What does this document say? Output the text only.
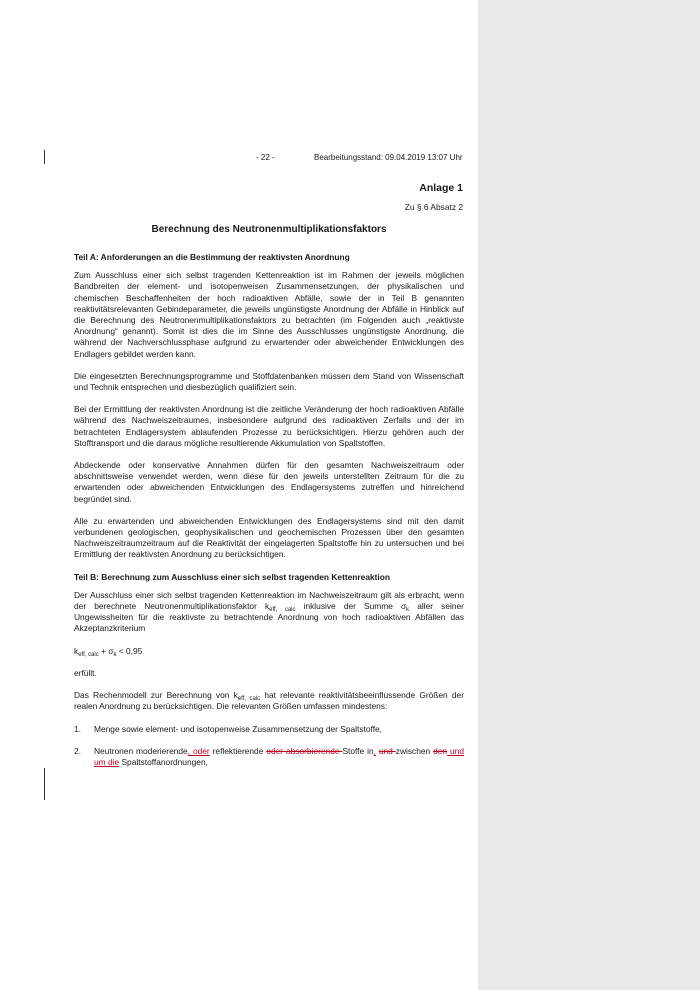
- 22 -	Bearbeitungsstand: 09.04.2019 13:07 Uhr
Anlage 1
Zu § 6 Absatz 2
Berechnung des Neutronenmultiplikationsfaktors
Teil A: Anforderungen an die Bestimmung der reaktivsten Anordnung

Zum Ausschluss einer sich selbst tragenden Kettenreaktion ist im Rahmen der jeweils möglichen Bandbreiten der element- und isotopenweisen Zusammensetzungen, der physikalischen und chemischen Beschaffenheiten der hoch radioaktiven Abfälle, sowie der in Teil B genannten reaktivitätsrelevanten Gebindeparameter, die jeweils ungünstigste Anordnung der Abfälle in Hinblick auf die Berechnung des Neutronenmultiplikationsfaktors zu betrachten (im Folgenden auch „reaktivste Anordnung“ genannt). Somit ist dies die im Sinne des Ausschlusses ungünstigste Anordnung, die während der Nachverschlussphase aufgrund zu erwartender oder abweichender Entwicklungen des Endlagers gebildet werden kann.

Die eingesetzten Berechnungsprogramme und Stoffdatenbanken müssen dem Stand von Wissenschaft und Technik entsprechen und diesbezüglich qualifiziert sein.

Bei der Ermittlung der reaktivsten Anordnung ist die zeitliche Veränderung der hoch radioaktiven Abfälle während des Nachweiszeitraumes, insbesondere aufgrund des radioaktiven Zerfalls und der im betrachteten Endlagersystem ablaufenden Prozesse zu berücksichtigen. Hierzu gehören auch der Stofftransport und die daraus mögliche resultierende Akkumulation von Spaltstoffen.

Abdeckende oder konservative Annahmen dürfen für den gesamten Nachweiszeitraum oder abschnittsweise verwendet werden, wenn diese für den jeweils unterstellten Zeitraum für die zu erwartenden oder abweichenden Entwicklungen des Endlagersystems zutreffen und hinreichend begründet sind.

Alle zu erwartenden und abweichenden Entwicklungen des Endlagersystems sind mit den damit verbundenen geologischen, geophysikalischen und geochemischen Prozessen über den gesamten Nachweiszeitraumzeitraum auf die Reaktivität der eingelagerten Spaltstoffe hin zu untersuchen und bei Ermittlung der reaktivsten Anordnung zu berücksichtigen.

Teil B: Berechnung zum Ausschluss einer sich selbst tragenden Kettenreaktion

Der Ausschluss einer sich selbst tragenden Kettenreaktion im Nachweiszeitraum gilt als erbracht, wenn der berechnete Neutronenmultiplikationsfaktor $k_{eff, calc}$ inklusive der Summe $\sigma_k$ aller seiner Ungewissheiten für die reaktivste zu betrachtende Anordnung von hoch radioaktiven Abfällen das Akzeptanzkriterium

$k_{eff, calc} + \sigma_k < 0,95$

erfüllt.

Das Rechenmodell zur Berechnung von $k_{eff, calc}$ hat relevante reaktivitätsbeeinflussende Größen der realen Anordnung zu berücksichtigen. Die relevanten Größen umfassen mindestens:

1. Menge sowie element- und isotopenweise Zusammensetzung der Spaltstoffe,
2. Neutronen moderierende, oder reflektierende oder absorbierende Stoffe in, und zwischen den und um die Spaltstoffanordnungen,
